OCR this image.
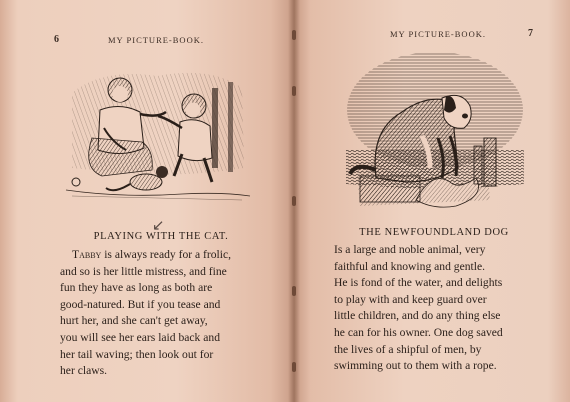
6	MY PICTURE-BOOK.
PLAYING WITH THE CAT.
↙
Tabby is always ready for a frolic,
and so is her little mistress, and fine
fun they have as long as both are
good-natured. But if you tease and
hurt her, and she can't get away,
you will see her ears laid back and
her tail waving; then look out for
her claws.
MY PICTURE-BOOK.	7
THE NEWFOUNDLAND DOG
Is a large and noble animal, very
faithful and knowing and gentle.
He is fond of the water, and delights
to play with and keep guard over
little children, and do any thing else
he can for his owner. One dog saved
the lives of a shipful of men, by
swimming out to them with a rope.
